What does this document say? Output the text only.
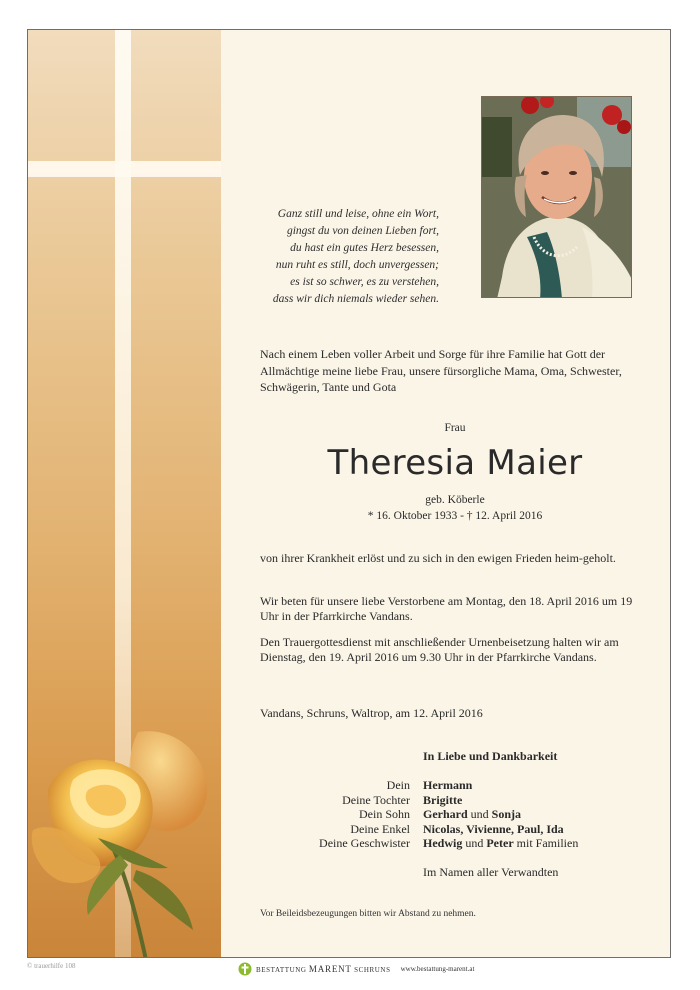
Ganz still und leise, ohne ein Wort,
gingst du von deinen Lieben fort,
du hast ein gutes Herz besessen,
nun ruht es still, doch unvergessen;
es ist so schwer, es zu verstehen,
dass wir dich niemals wieder sehen.
Nach einem Leben voller Arbeit und Sorge für ihre Familie hat Gott der Allmächtige meine liebe Frau, unsere fürsorgliche Mama, Oma, Schwester, Schwägerin, Tante und Gota
Frau
Theresia Maier
geb. Köberle
* 16. Oktober 1933 - † 12. April 2016
von ihrer Krankheit erlöst und zu sich in den ewigen Frieden heim-geholt.
Wir beten für unsere liebe Verstorbene am Montag, den 18. April 2016 um 19 Uhr in der Pfarrkirche Vandans.
Den Trauergottesdienst mit anschließender Urnenbeisetzung halten wir am Dienstag, den 19. April 2016 um 9.30 Uhr in der Pfarrkirche Vandans.
Vandans, Schruns, Waltrop, am 12. April 2016
In Liebe und Dankbarkeit
Dein Hermann
Deine Tochter Brigitte
Dein Sohn Gerhard und Sonja
Deine Enkel Nicolas, Vivienne, Paul, Ida
Deine Geschwister Hedwig und Peter mit Familien
Im Namen aller Verwandten
Vor Beileidsbezeugungen bitten wir Abstand zu nehmen.
© trauerhilfe 108	BESTATTUNG MARENT SCHRUNS www.bestattung-marent.at
